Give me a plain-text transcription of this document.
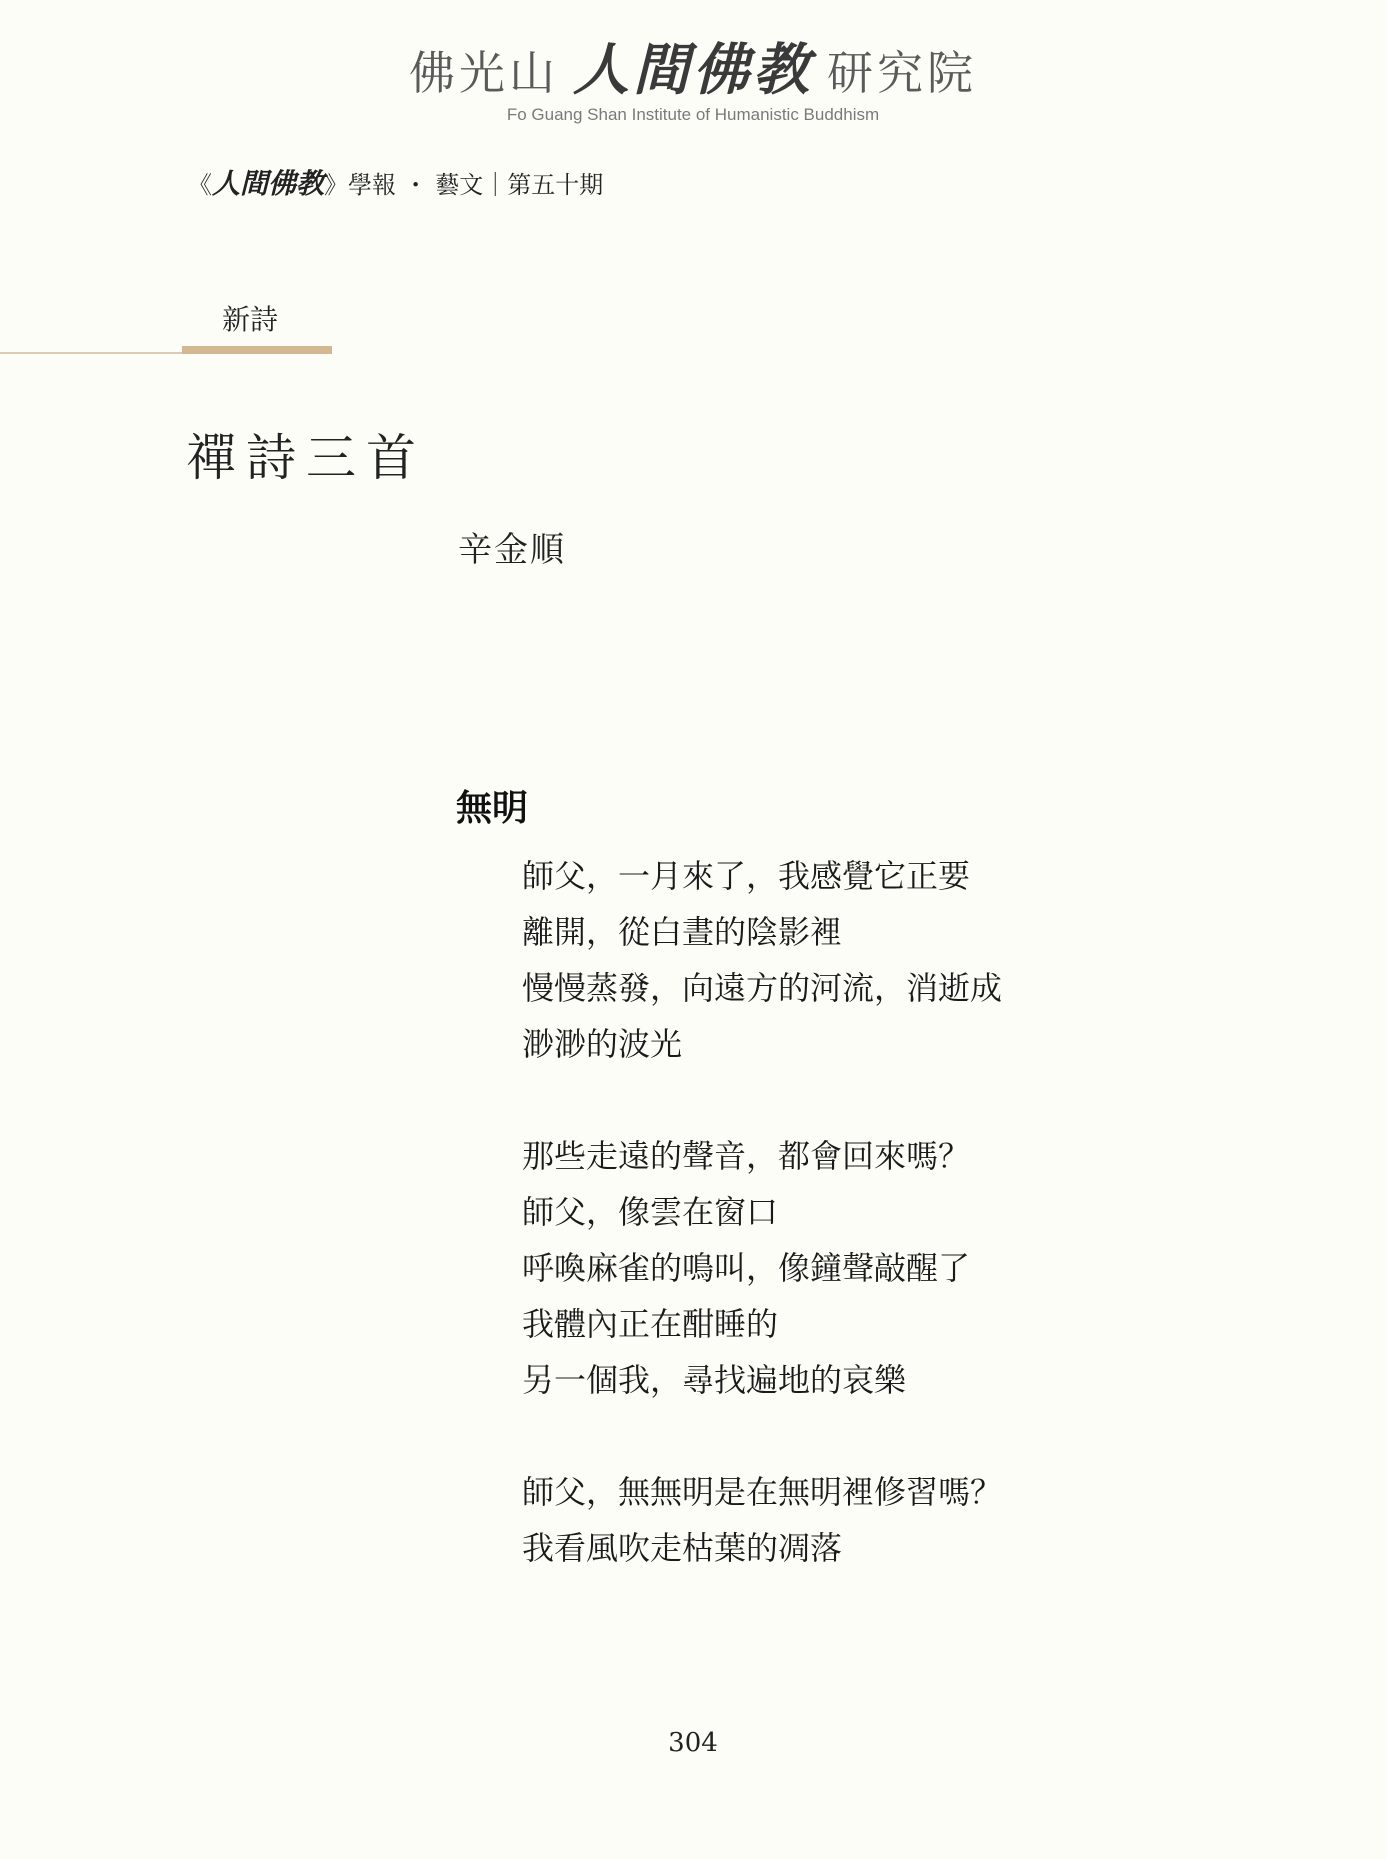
佛光山 人間佛教 研究院
Fo Guang Shan Institute of Humanistic Buddhism
《人間佛教》學報 ・ 藝文｜第五十期
新詩
禪詩三首
辛金順
無明
師父，一月來了，我感覺它正要
離開，從白晝的陰影裡
慢慢蒸發，向遠方的河流，消逝成
渺渺的波光
那些走遠的聲音，都會回來嗎？
師父，像雲在窗口
呼喚麻雀的鳴叫，像鐘聲敲醒了
我體內正在酣睡的
另一個我，尋找遍地的哀樂
師父，無無明是在無明裡修習嗎？
我看風吹走枯葉的凋落
304
